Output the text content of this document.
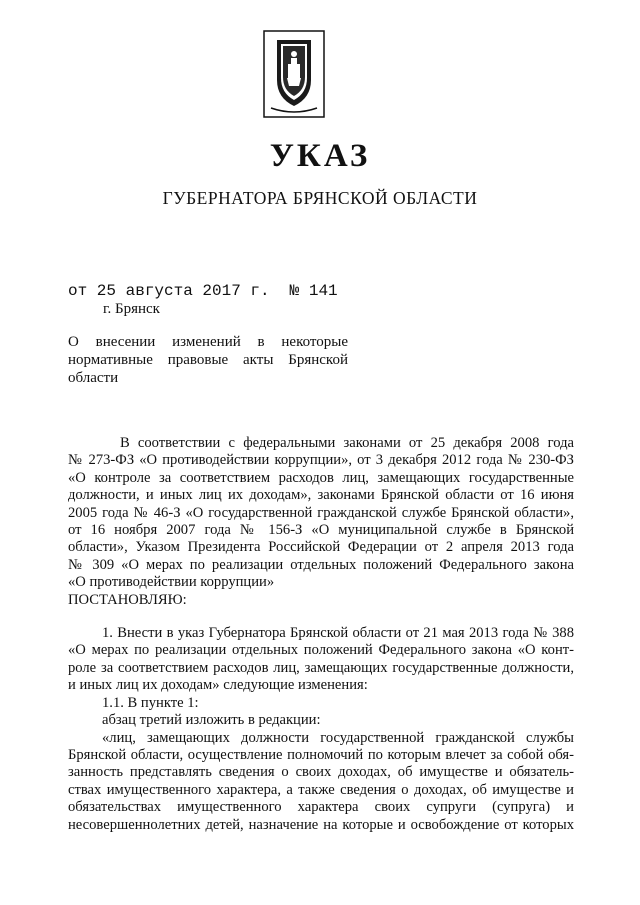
УКАЗ
ГУБЕРНАТОРА БРЯНСКОЙ ОБЛАСТИ
от 25 августа 2017 г. № 141
г. Брянск
О внесении изменений в некоторые
нормативные правовые акты Брянской
области
В соответствии с федеральными законами от 25 декабря 2008 года
№ 273-ФЗ «О противодействии коррупции», от 3 декабря 2012 года № 230-ФЗ
«О контроле за соответствием расходов лиц, замещающих государственные
должности, и иных лиц их доходам», законами Брянской области от 16 июня
2005 года № 46-З «О государственной гражданской службе Брянской области»,
от 16 ноября 2007 года № 156-З «О муниципальной службе в Брянской
области», Указом Президента Российской Федерации от 2 апреля 2013 года
№ 309 «О мерах по реализации отдельных положений Федерального закона
«О противодействии коррупции»
ПОСТАНОВЛЯЮ:
1. Внести в указ Губернатора Брянской области от 21 мая 2013 года № 388
«О мерах по реализации отдельных положений Федерального закона «О конт-
роле за соответствием расходов лиц, замещающих государственные должности,
и иных лиц их доходам» следующие изменения:
1.1. В пункте 1:
абзац третий изложить в редакции:
«лиц, замещающих должности государственной гражданской службы
Брянской области, осуществление полномочий по которым влечет за собой обя-
занность представлять сведения о своих доходах, об имуществе и обязатель-
ствах имущественного характера, а также сведения о доходах, об имуществе и
обязательствах имущественного характера своих супруги (супруга) и
несовершеннолетних детей, назначение на которые и освобождение от которых
